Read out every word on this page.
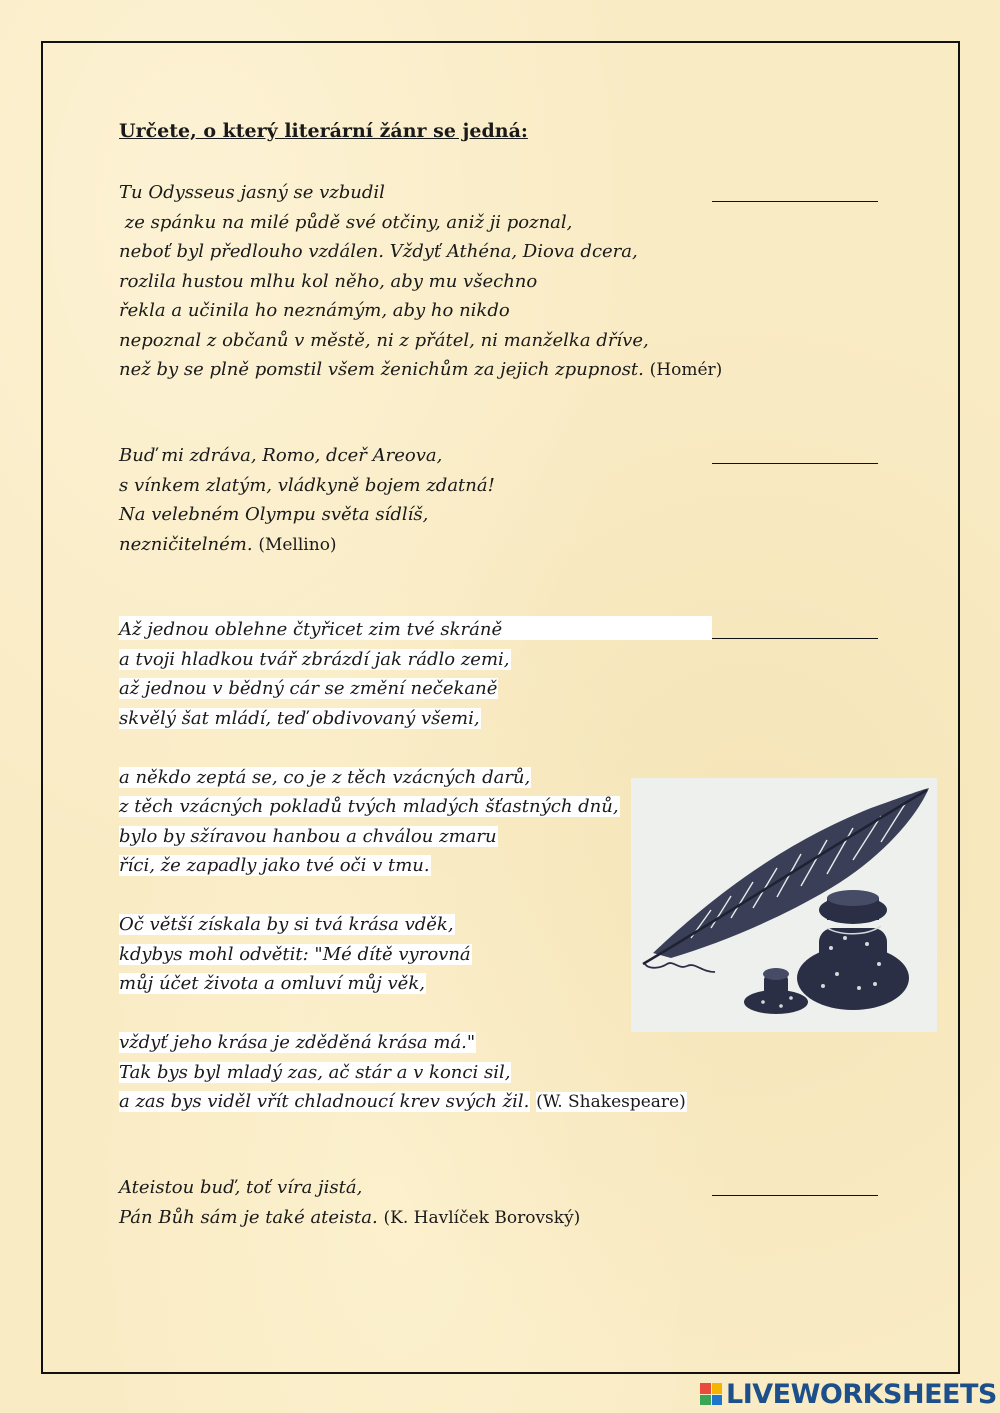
Určete, o který literární žánr se jedná:
Tu Odysseus jasný se vzbudil
ze spánku na milé půdě své otčiny, aniž ji poznal,
neboť byl předlouho vzdálen. Vždyť Athéna, Diova dcera,
rozlila hustou mlhu kol něho, aby mu všechno
řekla a učinila ho neznámým, aby ho nikdo
nepoznal z občanů v městě, ni z přátel, ni manželka dříve,
než by se plně pomstil všem ženichům za jejich zpupnost. (Homér)
Buď mi zdráva, Romo, dceř Areova,
s vínkem zlatým, vládkyně bojem zdatná!
Na velebném Olympu světa sídlíš,
nezničitelném. (Mellino)
Až jednou oblehne čtyřicet zim tvé skráně
a tvoji hladkou tvář zbrázdí jak rádlo zemi,
až jednou v bědný cár se změní nečekaně
skvělý šat mládí, teď obdivovaný všemi,
a někdo zeptá se, co je z těch vzácných darů,
z těch vzácných pokladů tvých mladých šťastných dnů,
bylo by sžíravou hanbou a chválou zmaru
říci, že zapadly jako tvé oči v tmu.
Oč větší získala by si tvá krása vděk,
kdybys mohl odvětit: "Mé dítě vyrovná
můj účet života a omluví můj věk,
vždyť jeho krása je zděděná krása má."
Tak bys byl mladý zas, ač stár a v konci sil,
a zas bys viděl vřít chladnoucí krev svých žil. (W. Shakespeare)
Ateistou buď, toť víra jistá,
Pán Bůh sám je také ateista. (K. Havlíček Borovský)
LIVEWORKSHEETS
